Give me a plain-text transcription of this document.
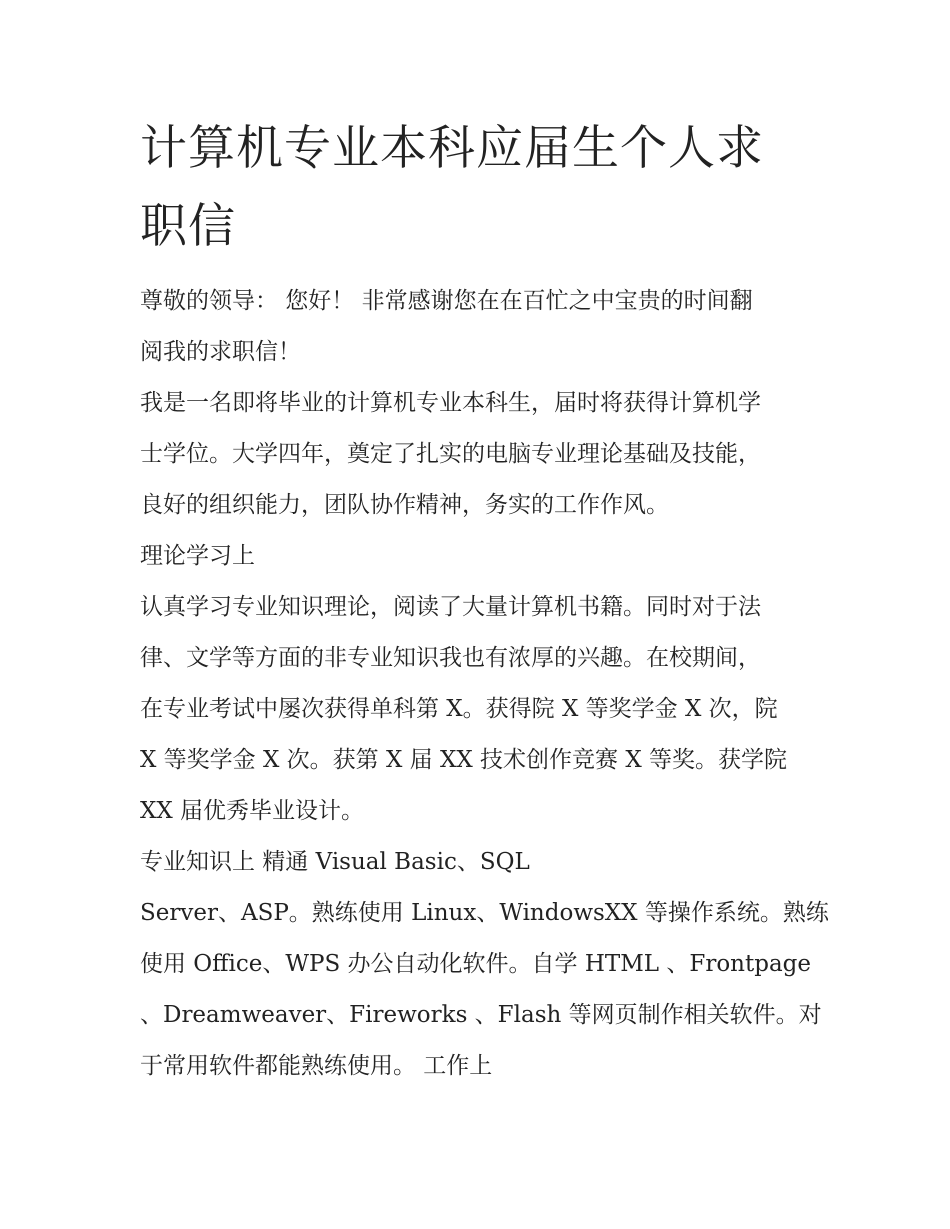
计算机专业本科应届生个人求
职信
尊敬的领导： 您好！ 非常感谢您在在百忙之中宝贵的时间翻
阅我的求职信！
我是一名即将毕业的计算机专业本科生，届时将获得计算机学
士学位。大学四年，奠定了扎实的电脑专业理论基础及技能，
良好的组织能力，团队协作精神，务实的工作作风。
理论学习上
认真学习专业知识理论，阅读了大量计算机书籍。同时对于法
律、文学等方面的非专业知识我也有浓厚的兴趣。在校期间，
在专业考试中屡次获得单科第 X。获得院 X 等奖学金 X 次，院
X 等奖学金 X 次。获第 X 届 XX 技术创作竞赛 X 等奖。获学院
XX 届优秀毕业设计。
专业知识上 精通 Visual Basic、SQL
Server、ASP。熟练使用 Linux、WindowsXX 等操作系统。熟练
使用 Office、WPS 办公自动化软件。自学 HTML 、Frontpage
、Dreamweaver、Fireworks 、Flash 等网页制作相关软件。对
于常用软件都能熟练使用。 工作上
